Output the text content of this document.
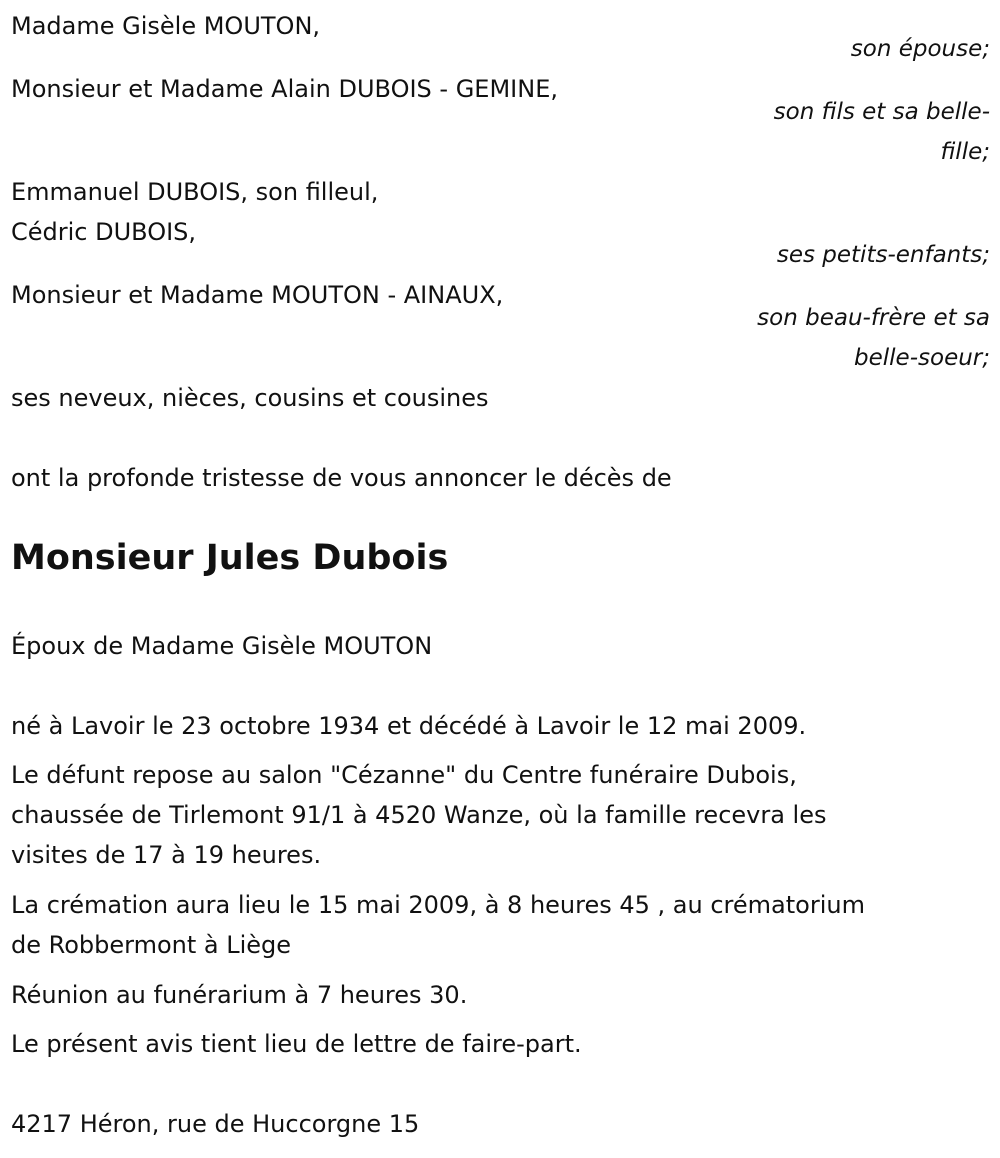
Madame Gisèle MOUTON,
son épouse;
Monsieur et Madame Alain DUBOIS - GEMINE,
son fils et sa belle-
fille;
Emmanuel DUBOIS, son filleul,
Cédric DUBOIS,
ses petits-enfants;
Monsieur et Madame MOUTON - AINAUX,
son beau-frère et sa
belle-soeur;
ses neveux, nièces, cousins et cousines
ont la profonde tristesse de vous annoncer le décès de
Monsieur Jules Dubois
Époux de Madame Gisèle MOUTON
né à Lavoir le 23 octobre 1934 et décédé à Lavoir le 12 mai 2009.
Le défunt repose au salon "Cézanne" du Centre funéraire Dubois,
chaussée de Tirlemont 91/1 à 4520 Wanze, où la famille recevra les
visites de 17 à 19 heures.
La crémation aura lieu le 15 mai 2009, à 8 heures 45 , au crématorium
de Robbermont à Liège
Réunion au funérarium à 7 heures 30.
Le présent avis tient lieu de lettre de faire-part.
4217 Héron, rue de Huccorgne 15
